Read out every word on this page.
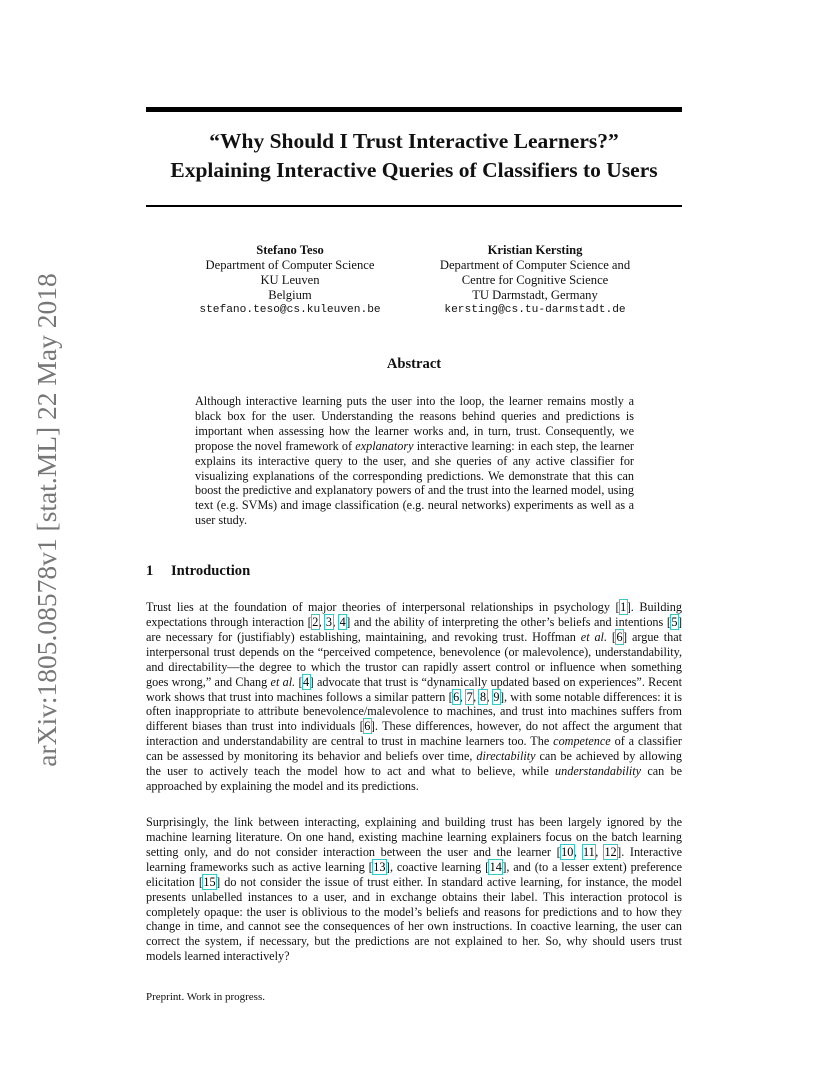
arXiv:1805.08578v1 [stat.ML] 22 May 2018
“Why Should I Trust Interactive Learners?”
Explaining Interactive Queries of Classifiers to Users
Stefano Teso
Department of Computer Science
KU Leuven
Belgium
stefano.teso@cs.kuleuven.be
Kristian Kersting
Department of Computer Science and
Centre for Cognitive Science
TU Darmstadt, Germany
kersting@cs.tu-darmstadt.de
Abstract
Although interactive learning puts the user into the loop, the learner remains mostly a black box for the user. Understanding the reasons behind queries and predictions is important when assessing how the learner works and, in turn, trust. Consequently, we propose the novel framework of explanatory interactive learning: in each step, the learner explains its interactive query to the user, and she queries of any active classifier for visualizing explanations of the corresponding predictions. We demonstrate that this can boost the predictive and explanatory powers of and the trust into the learned model, using text (e.g. SVMs) and image classification (e.g. neural networks) experiments as well as a user study.
1 Introduction
Trust lies at the foundation of major theories of interpersonal relationships in psychology [1]. Building expectations through interaction [2, 3, 4] and the ability of interpreting the other’s beliefs and intentions [5] are necessary for (justifiably) establishing, maintaining, and revoking trust. Hoffman et al. [6] argue that interpersonal trust depends on the “perceived competence, benevolence (or malevolence), understandability, and directability—the degree to which the trustor can rapidly assert control or influence when something goes wrong,” and Chang et al. [4] advocate that trust is “dynamically updated based on experiences”. Recent work shows that trust into machines follows a similar pattern [6, 7, 8, 9], with some notable differences: it is often inappropriate to attribute benevolence/malevolence to machines, and trust into machines suffers from different biases than trust into individuals [6]. These differences, however, do not affect the argument that interaction and understandability are central to trust in machine learners too. The competence of a classifier can be assessed by monitoring its behavior and beliefs over time, directability can be achieved by allowing the user to actively teach the model how to act and what to believe, while understandability can be approached by explaining the model and its predictions.
Surprisingly, the link between interacting, explaining and building trust has been largely ignored by the machine learning literature. On one hand, existing machine learning explainers focus on the batch learning setting only, and do not consider interaction between the user and the learner [10, 11, 12]. Interactive learning frameworks such as active learning [13], coactive learning [14], and (to a lesser extent) preference elicitation [15] do not consider the issue of trust either. In standard active learning, for instance, the model presents unlabelled instances to a user, and in exchange obtains their label. This interaction protocol is completely opaque: the user is oblivious to the model’s beliefs and reasons for predictions and to how they change in time, and cannot see the consequences of her own instructions. In coactive learning, the user can correct the system, if necessary, but the predictions are not explained to her. So, why should users trust models learned interactively?
Preprint. Work in progress.
